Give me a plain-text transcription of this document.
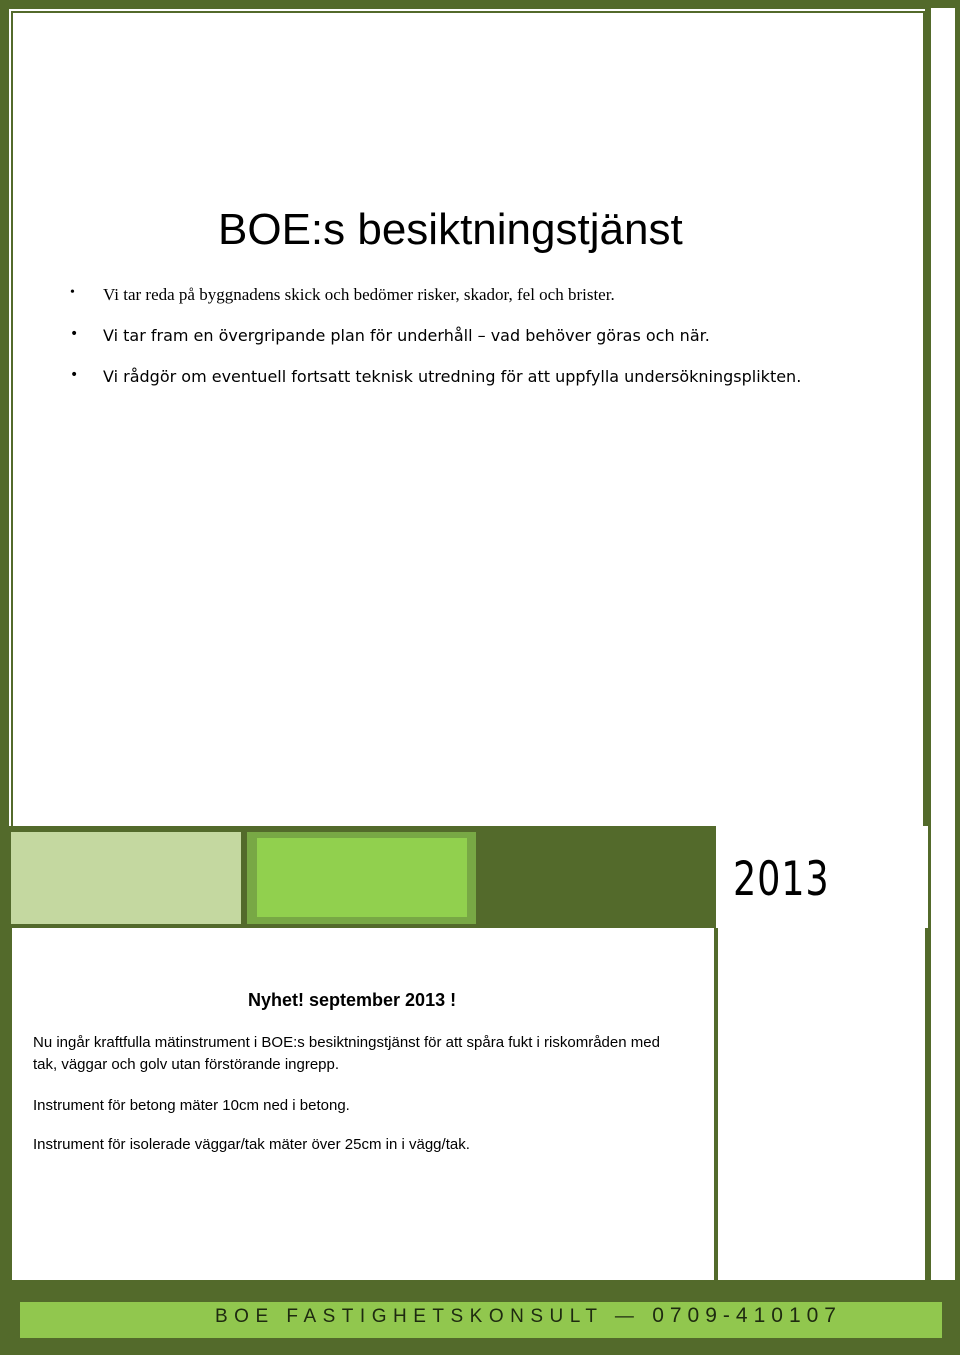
BOE:s besiktningstjänst
• Vi tar reda på byggnadens skick och bedömer risker, skador, fel och brister.
• Vi tar fram en övergripande plan för underhåll – vad behöver göras och när.
• Vi rådgör om eventuell fortsatt teknisk utredning för att uppfylla undersökningsplikten.
2013
Nyhet! september 2013 !
Nu ingår kraftfulla mätinstrument i BOE:s besiktningstjänst för att spåra fukt i riskområden med tak, väggar och golv utan förstörande ingrepp.
Instrument för betong mäter 10cm ned i betong.
Instrument för isolerade väggar/tak mäter över 25cm in i vägg/tak.
BOE FASTIGHETSKONSULT — 0709-410107
